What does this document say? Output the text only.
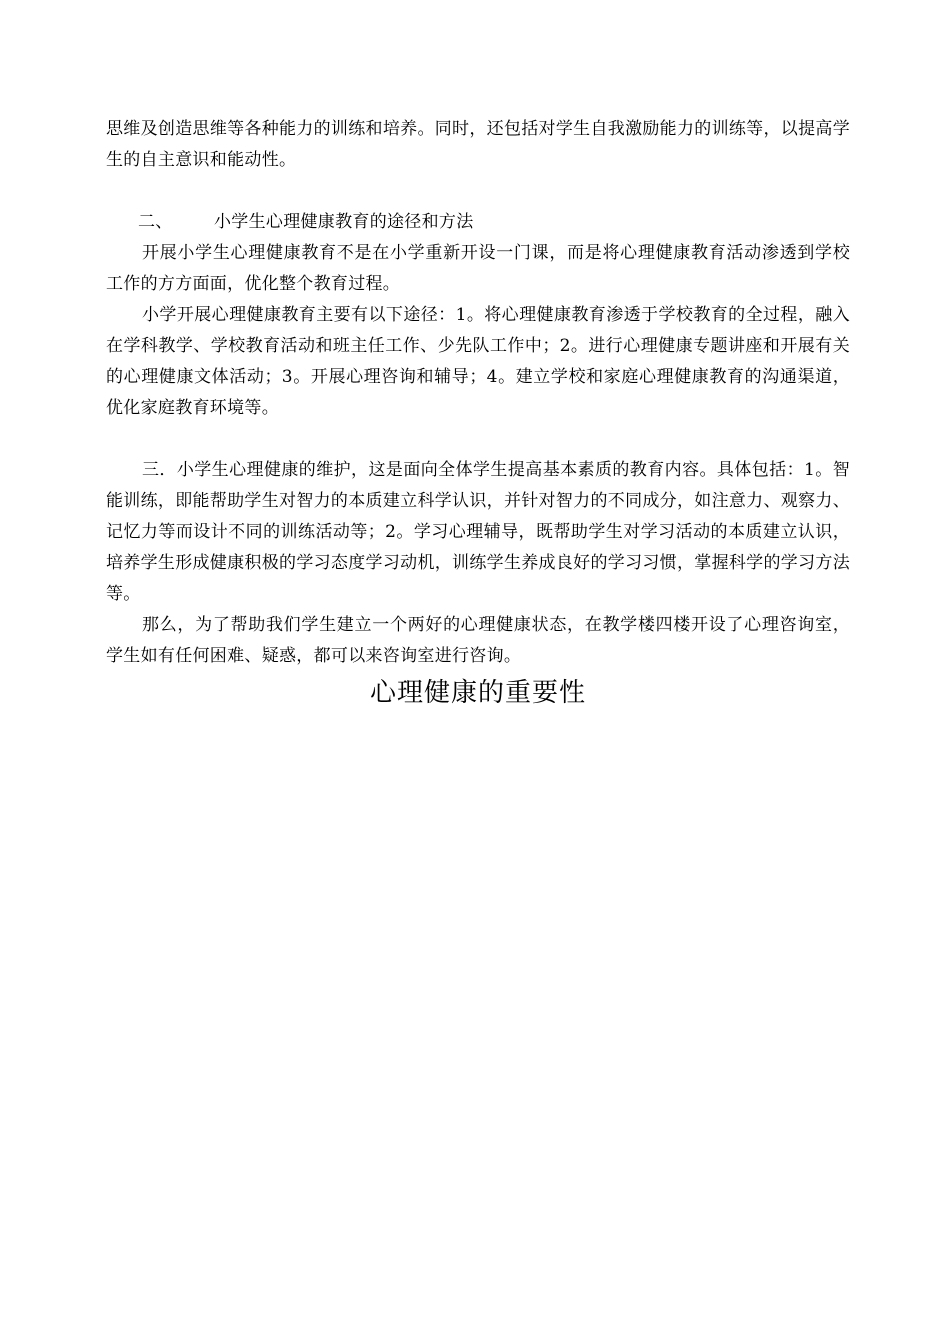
思维及创造思维等各种能力的训练和培养。同时，还包括对学生自我激励能力的训练等，以提高学生的自主意识和能动性。

二、 小学生心理健康教育的途径和方法

开展小学生心理健康教育不是在小学重新开设一门课，而是将心理健康教育活动渗透到学校工作的方方面面，优化整个教育过程。

小学开展心理健康教育主要有以下途径：1。将心理健康教育渗透于学校教育的全过程，融入在学科教学、学校教育活动和班主任工作、少先队工作中；2。进行心理健康专题讲座和开展有关的心理健康文体活动；3。开展心理咨询和辅导；4。建立学校和家庭心理健康教育的沟通渠道，优化家庭教育环境等。

三．小学生心理健康的维护，这是面向全体学生提高基本素质的教育内容。具体包括：1。智能训练，即能帮助学生对智力的本质建立科学认识，并针对智力的不同成分，如注意力、观察力、记忆力等而设计不同的训练活动等；2。学习心理辅导，既帮助学生对学习活动的本质建立认识，培养学生形成健康积极的学习态度学习动机，训练学生养成良好的学习习惯，掌握科学的学习方法等。

那么，为了帮助我们学生建立一个两好的心理健康状态，在教学楼四楼开设了心理咨询室，学生如有任何困难、疑惑，都可以来咨询室进行咨询。

心理健康的重要性
